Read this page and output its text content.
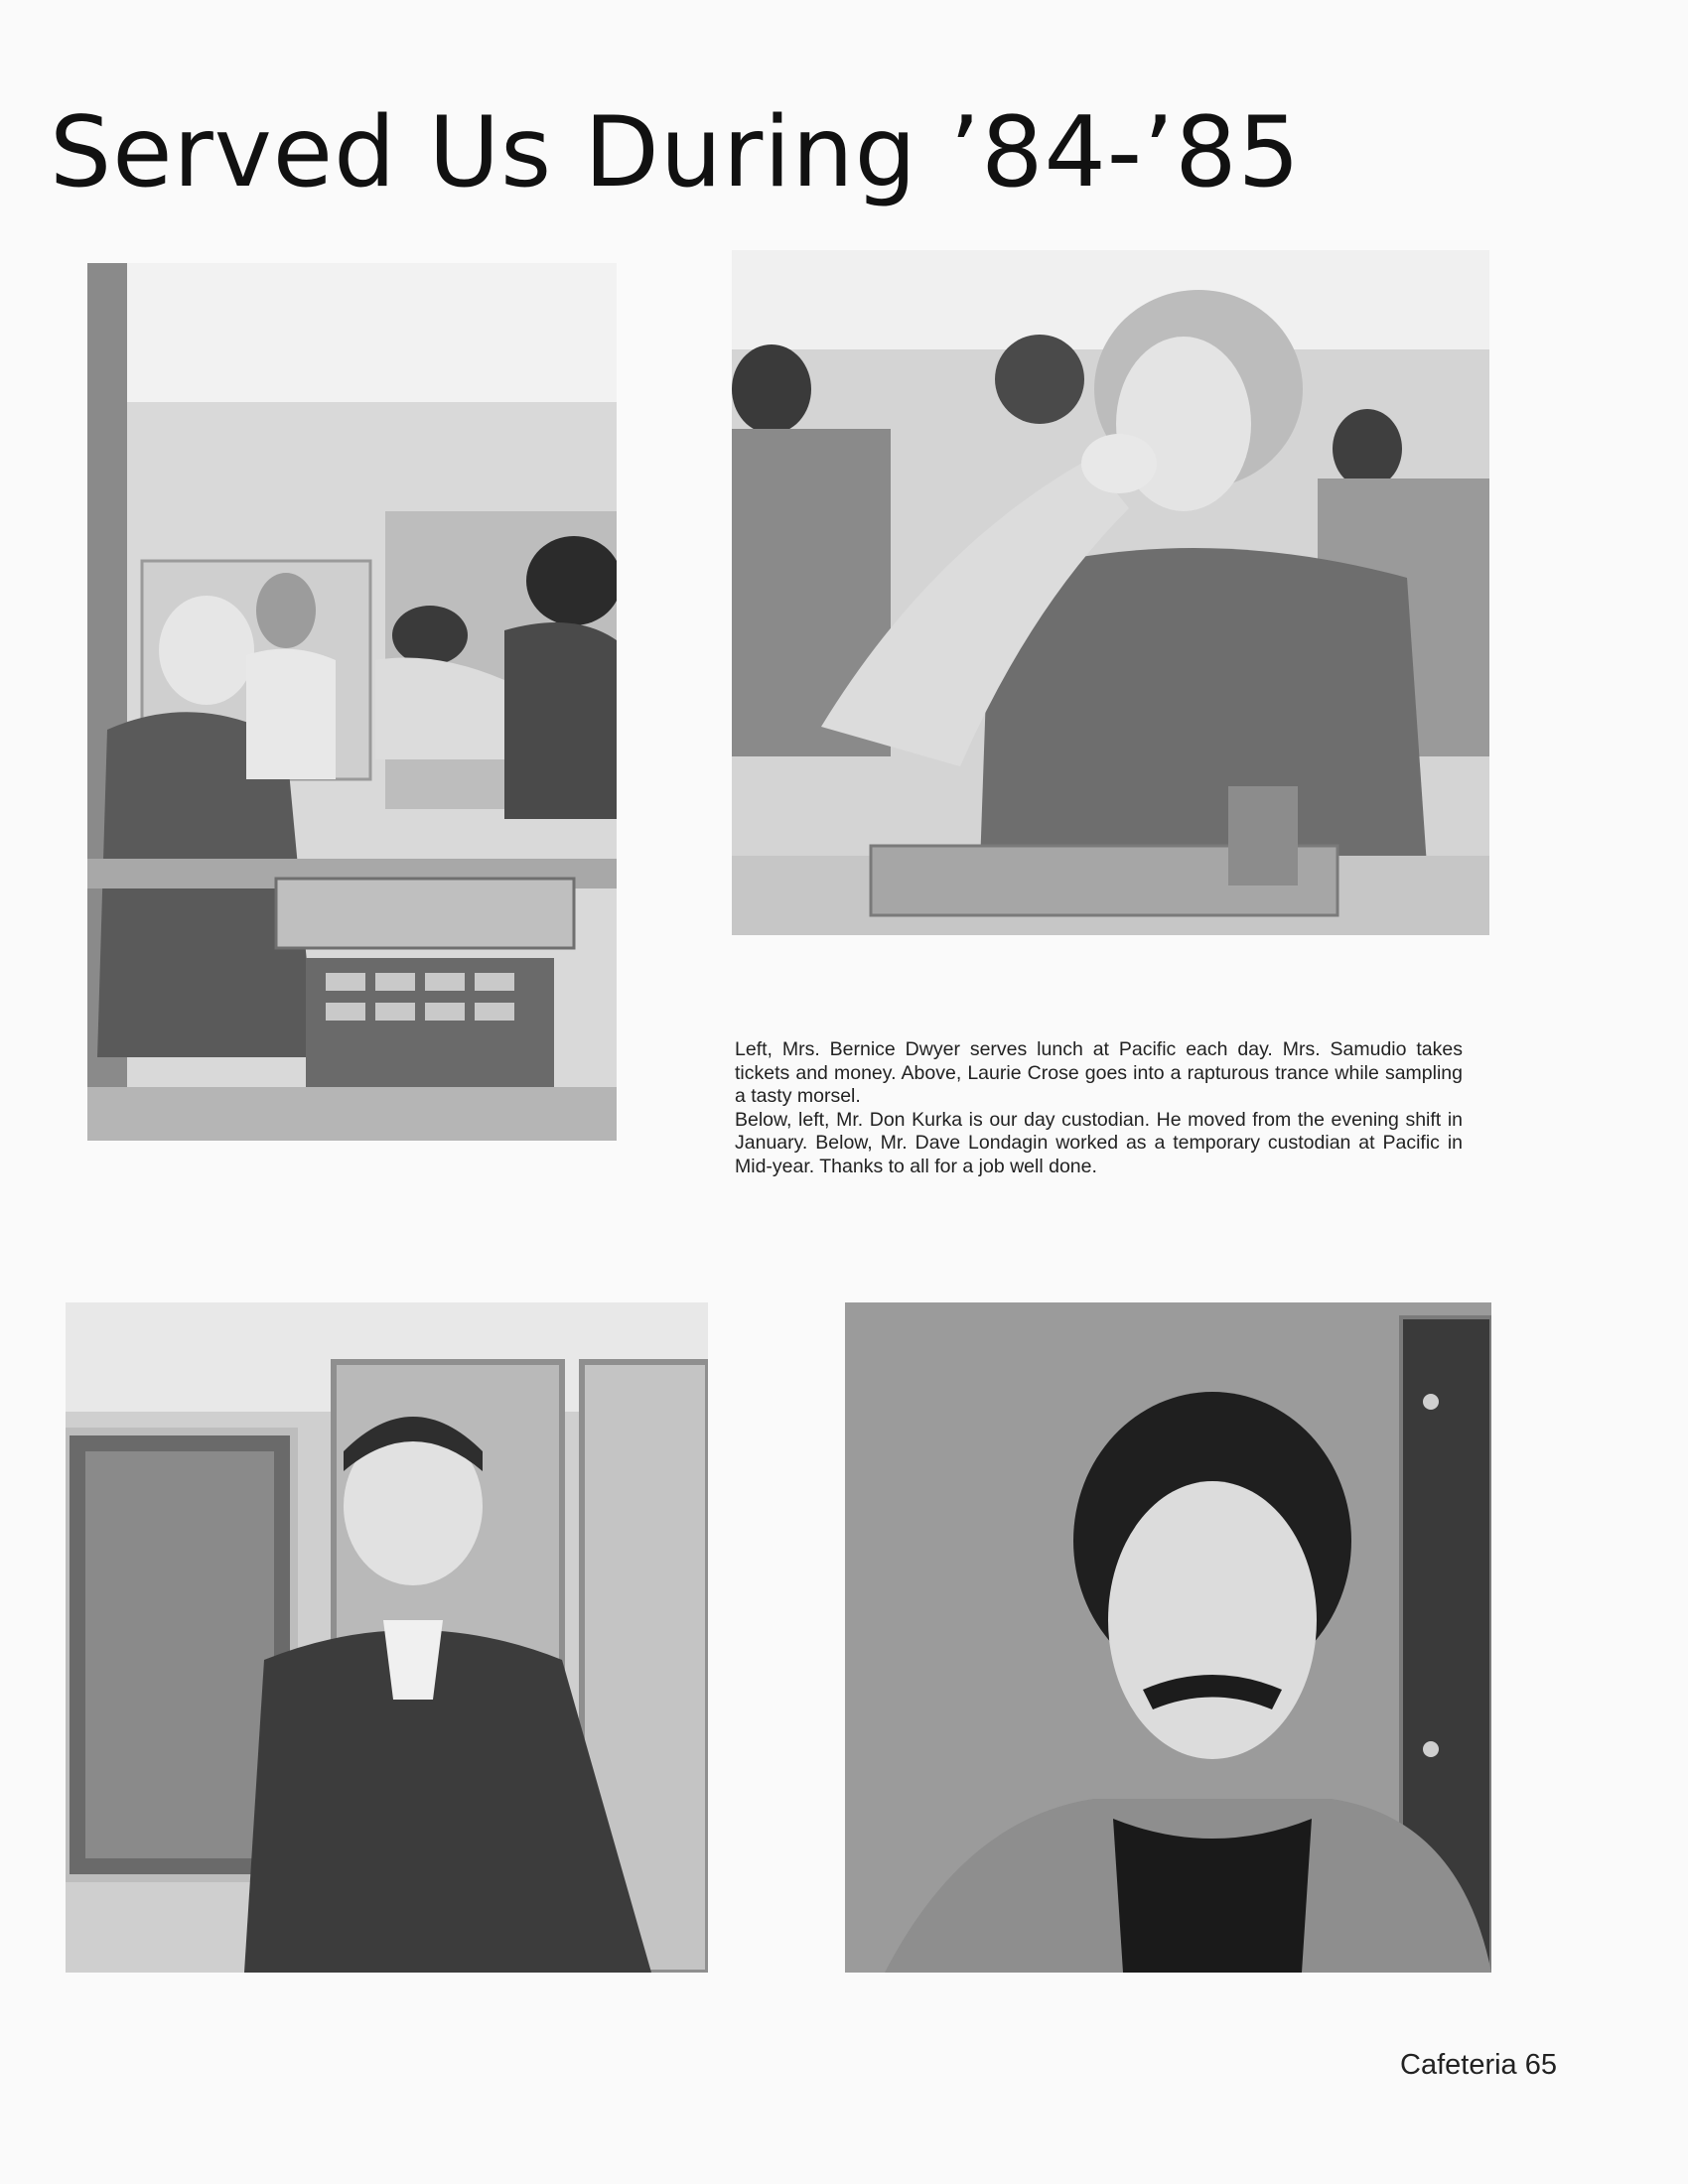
Served Us During ’84-’85

Left, Mrs. Bernice Dwyer serves lunch at Pacific each day. Mrs. Samudio takes tickets and money. Above, Laurie Crose goes into a rapturous trance while sampling a tasty morsel.

Below, left, Mr. Don Kurka is our day custodian. He moved from the evening shift in January. Below, Mr. Dave Londagin worked as a temporary custodian at Pacific in Mid-year. Thanks to all for a job well done.

Cafeteria 65
